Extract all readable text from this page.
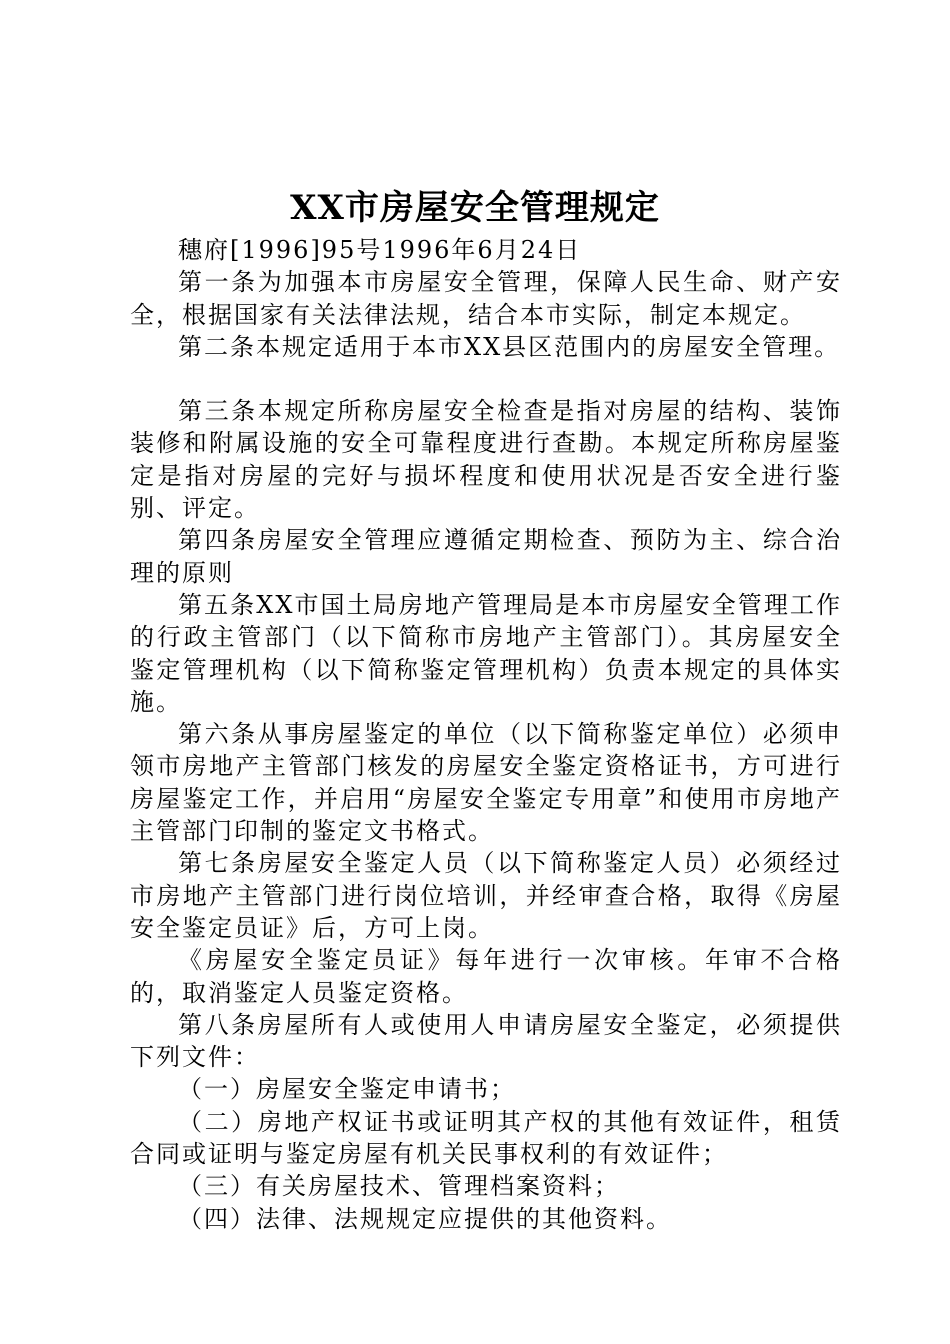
XX市房屋安全管理规定

穗府[1996]95号1996年6月24日

第一条为加强本市房屋安全管理，保障人民生命、财产安全，根据国家有关法律法规，结合本市实际，制定本规定。

第二条本规定适用于本市XX县区范围内的房屋安全管理。

第三条本规定所称房屋安全检查是指对房屋的结构、装饰装修和附属设施的安全可靠程度进行查勘。本规定所称房屋鉴定是指对房屋的完好与损坏程度和使用状况是否安全进行鉴别、评定。

第四条房屋安全管理应遵循定期检查、预防为主、综合治理的原则

第五条XX市国土局房地产管理局是本市房屋安全管理工作的行政主管部门（以下简称市房地产主管部门）。其房屋安全鉴定管理机构（以下简称鉴定管理机构）负责本规定的具体实施。

第六条从事房屋鉴定的单位（以下简称鉴定单位）必须申领市房地产主管部门核发的房屋安全鉴定资格证书，方可进行房屋鉴定工作，并启用“房屋安全鉴定专用章”和使用市房地产主管部门印制的鉴定文书格式。

第七条房屋安全鉴定人员（以下简称鉴定人员）必须经过市房地产主管部门进行岗位培训，并经审查合格，取得《房屋安全鉴定员证》后，方可上岗。

《房屋安全鉴定员证》每年进行一次审核。年审不合格的，取消鉴定人员鉴定资格。

第八条房屋所有人或使用人申请房屋安全鉴定，必须提供下列文件：

（一）房屋安全鉴定申请书；

（二）房地产权证书或证明其产权的其他有效证件，租赁合同或证明与鉴定房屋有机关民事权利的有效证件；

（三）有关房屋技术、管理档案资料；

（四）法律、法规规定应提供的其他资料。
